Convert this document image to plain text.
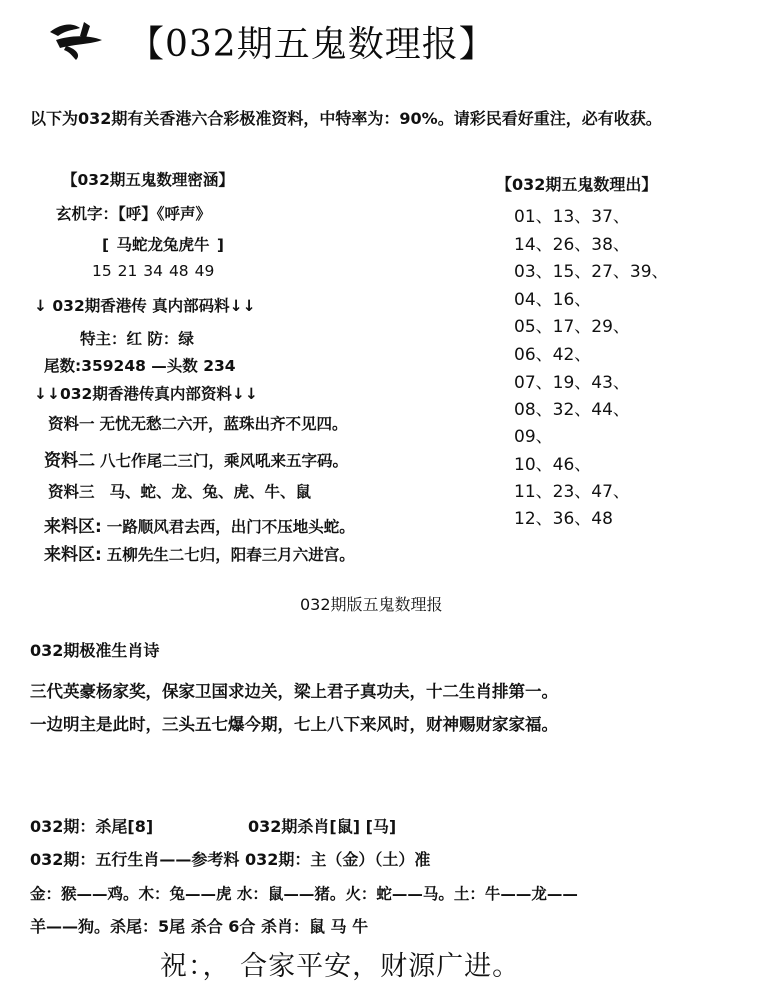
【032期五鬼数理报】
以下为032期有关香港六合彩极准资料，中特率为：90%。请彩民看好重注，必有收获。
【032期五鬼数理密涵】
玄机字：【呼】《呼声》
[ 马蛇龙兔虎牛 ]
15 21 34 48 49
↓ 032期香港传 真内部码料↓↓
特主：红 防：绿
尾数:359248 —头数 234
↓↓032期香港传真内部资料↓↓
资料一 无忧无愁二六开，蓝珠出齐不见四。
资料二 八七作尾二三门，乘风吼来五字码。
资料三 马、蛇、龙、兔、虎、牛、鼠
来料区: 一路顺风君去西，出门不压地头蛇。
来料区: 五柳先生二七归，阳春三月六进宫。
【032期五鬼数理出】
01、13、37、
14、26、38、
03、15、27、39、
04、16、
05、17、29、
06、42、
07、19、43、
08、32、44、
09、
10、46、
11、23、47、
12、36、48
032期版五鬼数理报
032期极准生肖诗
三代英豪杨家奖，保家卫国求边关，梁上君子真功夫，十二生肖排第一。
一边明主是此时，三头五七爆今期，七上八下来风时，财神赐财家家福。
032期：杀尾[8]	032期杀肖[鼠] [马]
032期：五行生肖——参考料 032期：主（金）（土）准
金：猴——鸡。木：兔——虎 水：鼠——猪。火：蛇——马。土：牛——龙——
羊——狗。杀尾：5尾 杀合 6合 杀肖：鼠 马 牛
祝：， 合家平安，财源广进。
